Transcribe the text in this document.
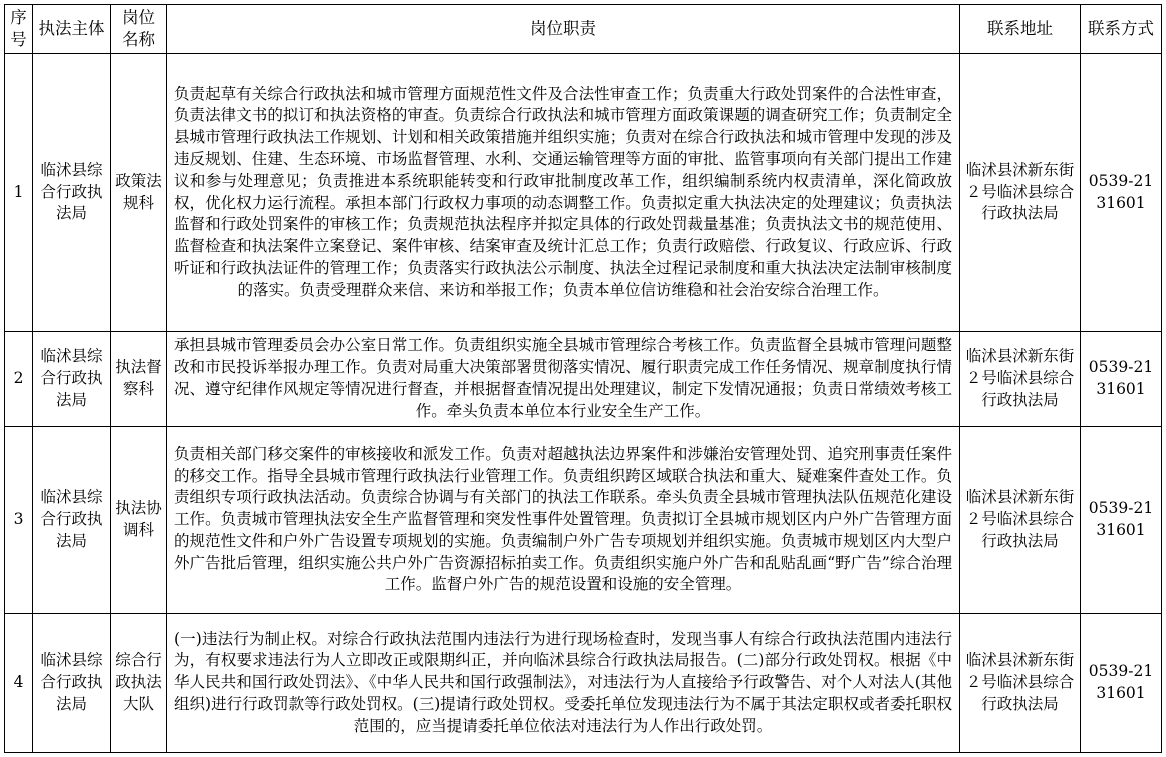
序号	执法主体	岗位名称	岗位职责	联系地址	联系方式
1	临沭县综合行政执法局	政策法规科	负责起草有关综合行政执法和城市管理方面规范性文件及合法性审查工作；负责重大行政处罚案件的合法性审查，负责法律文书的拟订和执法资格的审查。负责综合行政执法和城市管理方面政策课题的调查研究工作；负责制定全县城市管理行政执法工作规划、计划和相关政策措施并组织实施；负责对在综合行政执法和城市管理中发现的涉及违反规划、住建、生态环境、市场监督管理、水利、交通运输管理等方面的审批、监管事项向有关部门提出工作建议和参与处理意见；负责推进本系统职能转变和行政审批制度改革工作，组织编制系统内权责清单，深化简政放权，优化权力运行流程。承担本部门行政权力事项的动态调整工作。负责拟定重大执法决定的处理建议；负责执法监督和行政处罚案件的审核工作；负责规范执法程序并拟定具体的行政处罚裁量基准；负责执法文书的规范使用、监督检查和执法案件立案登记、案件审核、结案审查及统计汇总工作；负责行政赔偿、行政复议、行政应诉、行政听证和行政执法证件的管理工作；负责落实行政执法公示制度、执法全过程记录制度和重大执法决定法制审核制度的落实。负责受理群众来信、来访和举报工作；负责本单位信访维稳和社会治安综合治理工作。	临沭县沭新东街２号临沭县综合行政执法局	0539-2131601
2	临沭县综合行政执法局	执法督察科	承担县城市管理委员会办公室日常工作。负责组织实施全县城市管理综合考核工作。负责监督全县城市管理问题整改和市民投诉举报办理工作。负责对局重大决策部署贯彻落实情况、履行职责完成工作任务情况、规章制度执行情况、遵守纪律作风规定等情况进行督查，并根据督查情况提出处理建议，制定下发情况通报；负责日常绩效考核工作。牵头负责本单位本行业安全生产工作。	临沭县沭新东街２号临沭县综合行政执法局	0539-2131601
3	临沭县综合行政执法局	执法协调科	负责相关部门移交案件的审核接收和派发工作。负责对超越执法边界案件和涉嫌治安管理处罚、追究刑事责任案件的移交工作。指导全县城市管理行政执法行业管理工作。负责组织跨区域联合执法和重大、疑难案件查处工作。负责组织专项行政执法活动。负责综合协调与有关部门的执法工作联系。牵头负责全县城市管理执法队伍规范化建设工作。负责城市管理执法安全生产监督管理和突发性事件处置管理。负责拟订全县城市规划区内户外广告管理方面的规范性文件和户外广告设置专项规划的实施。负责编制户外广告专项规划并组织实施。负责城市规划区内大型户外广告批后管理，组织实施公共户外广告资源招标拍卖工作。负责组织实施户外广告和乱贴乱画“野广告”综合治理工作。监督户外广告的规范设置和设施的安全管理。	临沭县沭新东街２号临沭县综合行政执法局	0539-2131601
4	临沭县综合行政执法局	综合行政执法大队	(一)违法行为制止权。对综合行政执法范围内违法行为进行现场检查时，发现当事人有综合行政执法范围内违法行为，有权要求违法行为人立即改正或限期纠正，并向临沭县综合行政执法局报告。(二)部分行政处罚权。根据《中华人民共和国行政处罚法》、《中华人民共和国行政强制法》，对违法行为人直接给予行政警告、对个人对法人(其他组织)进行行政罚款等行政处罚权。(三)提请行政处罚权。受委托单位发现违法行为不属于其法定职权或者委托职权范围的，应当提请委托单位依法对违法行为人作出行政处罚。	临沭县沭新东街２号临沭县综合行政执法局	0539-2131601
